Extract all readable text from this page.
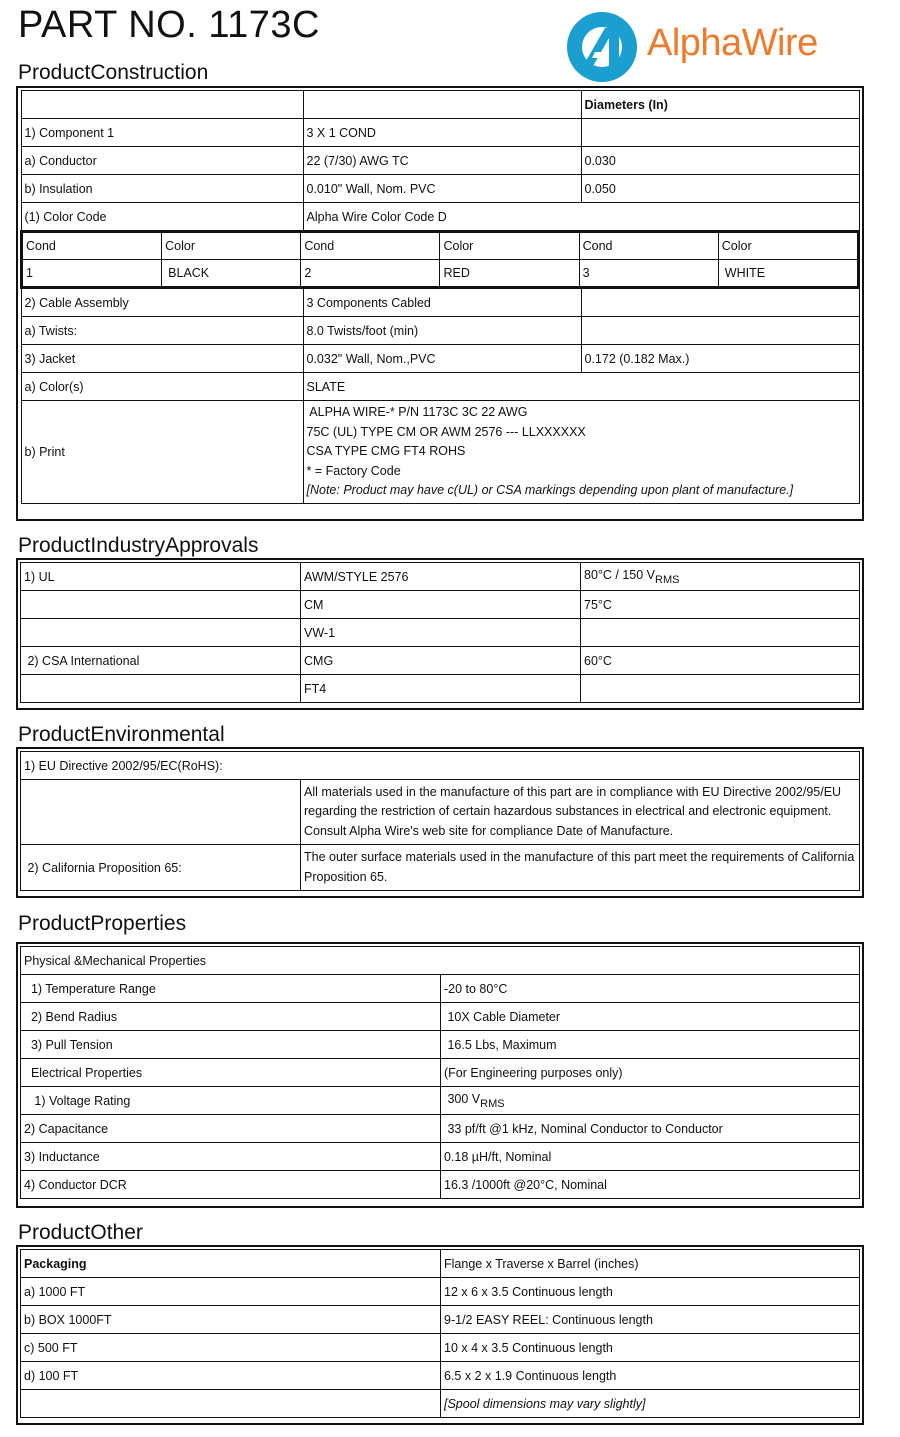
PART NO. 1173C	AlphaWire
ProductConstruction
		Diameters (In)
1) Component 1	3 X 1 COND	
a) Conductor	22 (7/30) AWG TC	0.030
b) Insulation	0.010" Wall, Nom. PVC	0.050
(1) Color Code	Alpha Wire Color Code D

Cond	Color	Cond	Color	Cond	Color
1	BLACK	2	RED	3	WHITE

2) Cable Assembly	3 Components Cabled	
a) Twists:	8.0 Twists/foot (min)	
3) Jacket	0.032" Wall, Nom.,PVC	0.172 (0.182 Max.)
a) Color(s)	SLATE
b) Print	
ALPHA WIRE-* P/N 1173C 3C 22 AWG
75C (UL) TYPE CM OR AWM 2576 --- LLXXXXXX
CSA TYPE CMG FT4 ROHS
* = Factory Code
[Note: Product may have c(UL) or CSA markings depending upon plant of manufacture.]
ProductIndustryApprovals
1) UL	AWM/STYLE 2576	80°C / 150 $V_{RMS}$
	CM	75°C
	VW-1	
2) CSA International	CMG	60°C
	FT4	
ProductEnvironmental
1) EU Directive 2002/95/EC(RoHS):	
	All materials used in the manufacture of this part are in compliance with EU Directive 2002/95/EU regarding the restriction of certain hazardous substances in electrical and electronic equipment. Consult Alpha Wire's web site for compliance Date of Manufacture.
2) California Proposition 65:	The outer surface materials used in the manufacture of this part meet the requirements of California Proposition 65.
ProductProperties
Physical &Mechanical Properties	
1) Temperature Range	-20 to 80°C
2) Bend Radius	10X Cable Diameter
3) Pull Tension	16.5 Lbs, Maximum
Electrical Properties	(For Engineering purposes only)
1) Voltage Rating	300 $V_{RMS}$
2) Capacitance	33 pf/ft @1 kHz, Nominal Conductor to Conductor
3) Inductance	0.18 µH/ft, Nominal
4) Conductor DCR	16.3 /1000ft @20°C, Nominal
ProductOther
Packaging	Flange x Traverse x Barrel (inches)
a) 1000 FT	12 x 6 x 3.5 Continuous length
b) BOX 1000FT	9-1/2 EASY REEL: Continuous length
c) 500 FT	10 x 4 x 3.5 Continuous length
d) 100 FT	6.5 x 2 x 1.9 Continuous length
	[Spool dimensions may vary slightly]
